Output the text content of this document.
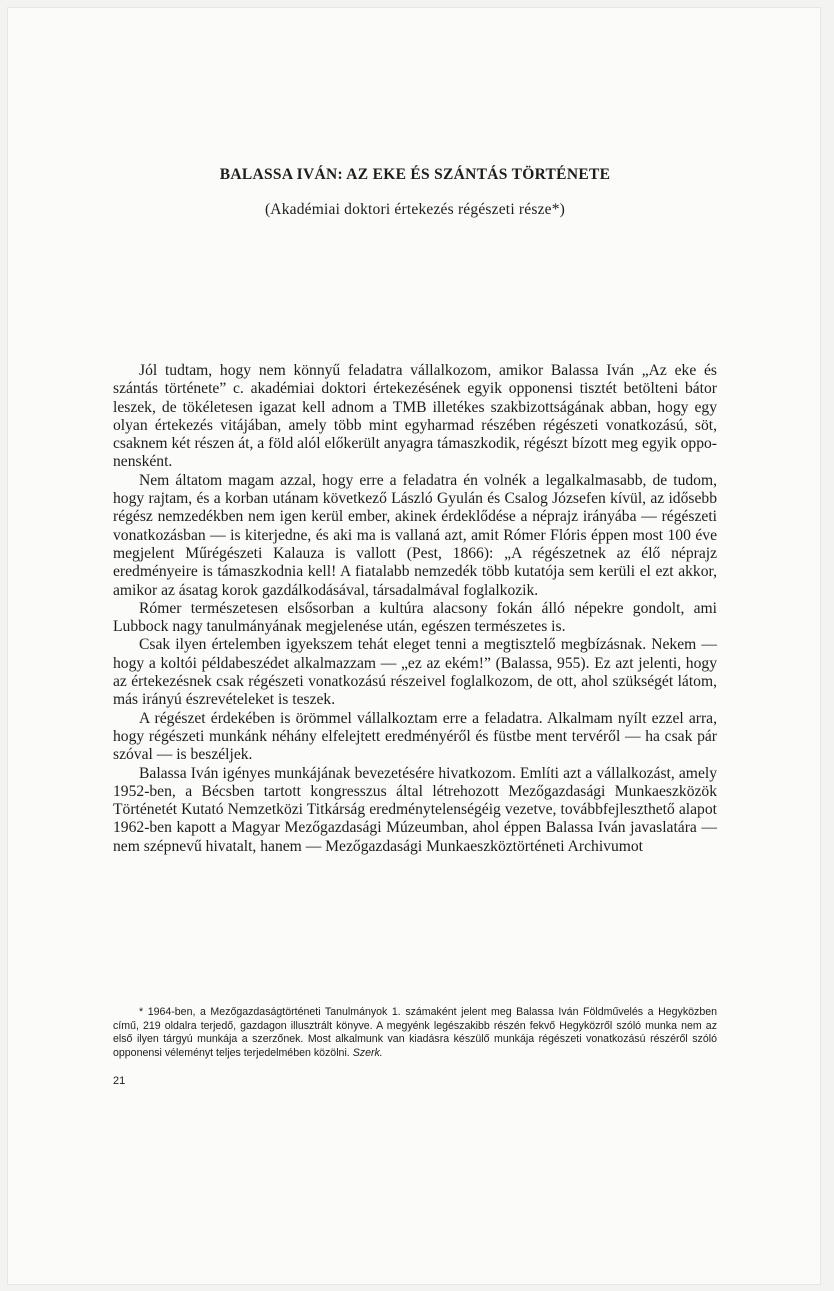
BALASSA IVÁN: AZ EKE ÉS SZÁNTÁS TÖRTÉNETE

(Akadémiai doktori értekezés régészeti része*)

Jól tudtam, hogy nem könnyű feladatra vállalkozom, amikor Balassa Iván „Az eke és szántás története” c. akadémiai doktori értekezésének egyik opponensi tisztét betölteni bátor leszek, de tökéletesen igazat kell adnom a TMB illetékes szakbizottságának abban, hogy egy olyan értekezés vitájában, amely több mint egyharmad részében régészeti vonatkozású, söt, csaknem két részen át, a föld alól előkerült anyagra támaszkodik, régészt bízott meg egyik opponensként.

Nem áltatom magam azzal, hogy erre a feladatra én volnék a legalkalmasabb, de tudom, hogy rajtam, és a korban utánam következő László Gyulán és Csalog Józsefen kívül, az idősebb régész nemzedékben nem igen kerül ember, akinek érdeklődése a néprajz irányába — régészeti vonatkozásban — is kiterjedne, és aki ma is vallaná azt, amit Rómer Flóris éppen most 100 éve megjelent Műrégészeti Kalauza is vallott (Pest, 1866): „A régészetnek az élő néprajz eredményeire is támaszkodnia kell! A fiatalabb nemzedék több kutatója sem kerüli el ezt akkor, amikor az ásatag korok gazdálkodásával, társadalmával foglalkozik.

Rómer természetesen elsősorban a kultúra alacsony fokán álló népekre gondolt, ami Lubbock nagy tanulmányának megjelenése után, egészen természetes is.

Csak ilyen értelemben igyekszem tehát eleget tenni a megtisztelő megbízásnak. Nekem — hogy a koltói példabeszédet alkalmazzam — „ez az ekém!” (Balassa, 955). Ez azt jelenti, hogy az értekezésnek csak régészeti vonatkozású részeivel foglalkozom, de ott, ahol szükségét látom, más irányú észrevételeket is teszek.

A régészet érdekében is örömmel vállalkoztam erre a feladatra. Alkalmam nyílt ezzel arra, hogy régészeti munkánk néhány elfelejtett eredményéről és füstbe ment tervéről — ha csak pár szóval — is beszéljek.

Balassa Iván igényes munkájának bevezetésére hivatkozom. Említi azt a vállalkozást, amely 1952-ben, a Bécsben tartott kongresszus által létrehozott Mezőgazdasági Munkaeszközök Történetét Kutató Nemzetközi Titkárság eredménytelenségéig vezetve, továbbfejleszthető alapot 1962-ben kapott a Magyar Mezőgazdasági Múzeumban, ahol éppen Balassa Iván javaslatára — nem szépnevű hivatalt, hanem — Mezőgazdasági Munkaeszköztörténeti Archivumot

* 1964-ben, a Mezőgazdaságtörténeti Tanulmányok 1. számaként jelent meg Balassa Iván Földművelés a Hegyközben című, 219 oldalra terjedő, gazdagon illusztrált könyve. A megyénk legészakibb részén fekvő Hegyközről szóló munka nem az első ilyen tárgyú munkája a szerzőnek. Most alkalmunk van kiadásra készülő munkája régészeti vonatkozású részéről szóló opponensi véleményt teljes terjedelmében közölni. Szerk.

21
